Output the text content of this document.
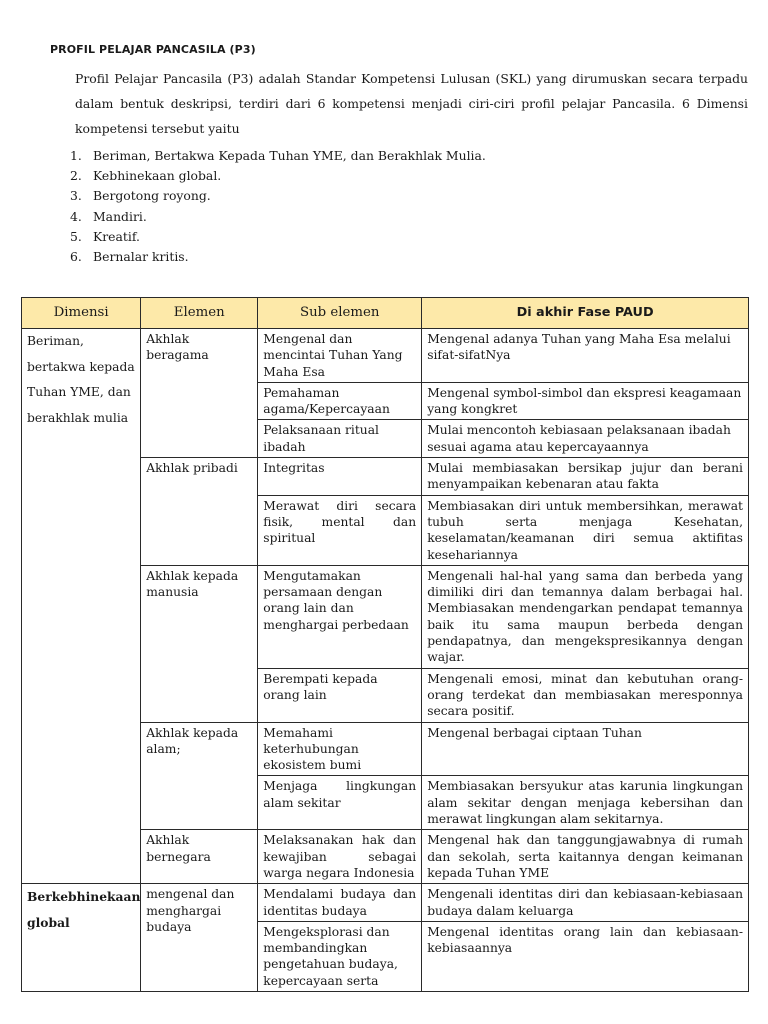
PROFIL PELAJAR PANCASILA (P3)

Profil Pelajar Pancasila (P3) adalah Standar Kompetensi Lulusan (SKL) yang dirumuskan secara terpadu dalam bentuk deskripsi, terdiri dari 6 kompetensi menjadi ciri-ciri profil pelajar Pancasila. 6 Dimensi kompetensi tersebut yaitu

1. Beriman, Bertakwa Kepada Tuhan YME, dan Berakhlak Mulia.
2. Kebhinekaan global.
3. Bergotong royong.
4. Mandiri.
5. Kreatif.
6. Bernalar kritis.
Dimensi	Elemen	Sub elemen	Di akhir Fase PAUD
Beriman, bertakwa kepada Tuhan YME, dan berakhlak mulia	Akhlak beragama	Mengenal dan mencintai Tuhan Yang Maha Esa	Mengenal adanya Tuhan yang Maha Esa melalui sifat-sifatNya
		Pemahaman agama/Kepercayaan	Mengenal symbol-simbol dan ekspresi keagamaan yang kongkret
		Pelaksanaan ritual ibadah	Mulai mencontoh kebiasaan pelaksanaan ibadah sesuai agama atau kepercayaannya
	Akhlak pribadi	Integritas	Mulai membiasakan bersikap jujur dan berani menyampaikan kebenaran atau fakta
		Merawat diri secara fisik, mental dan spiritual	Membiasakan diri untuk membersihkan, merawat tubuh serta menjaga Kesehatan, keselamatan/keamanan diri semua aktifitas kesehariannya
	Akhlak kepada manusia	Mengutamakan persamaan dengan orang lain dan menghargai perbedaan	Mengenali hal-hal yang sama dan berbeda yang dimiliki diri dan temannya dalam berbagai hal. Membiasakan mendengarkan pendapat temannya baik itu sama maupun berbeda dengan pendapatnya, dan mengekspresikannya dengan wajar.
		Berempati kepada orang lain	Mengenali emosi, minat dan kebutuhan orang-orang terdekat dan membiasakan meresponnya secara positif.
	Akhlak kepada alam;	Memahami keterhubungan ekosistem bumi	Mengenal berbagai ciptaan Tuhan
		Menjaga lingkungan alam sekitar	Membiasakan bersyukur atas karunia lingkungan alam sekitar dengan menjaga kebersihan dan merawat lingkungan alam sekitarnya.
	Akhlak bernegara	Melaksanakan hak dan kewajiban sebagai warga negara Indonesia	Mengenal hak dan tanggungjawabnya di rumah dan sekolah, serta kaitannya dengan keimanan kepada Tuhan YME
Berkebhinekaan global	mengenal dan menghargai budaya	Mendalami budaya dan identitas budaya	Mengenali identitas diri dan kebiasaan-kebiasaan budaya dalam keluarga
		Mengeksplorasi dan membandingkan pengetahuan budaya, kepercayaan serta	Mengenal identitas orang lain dan kebiasaan-kebiasaannya
